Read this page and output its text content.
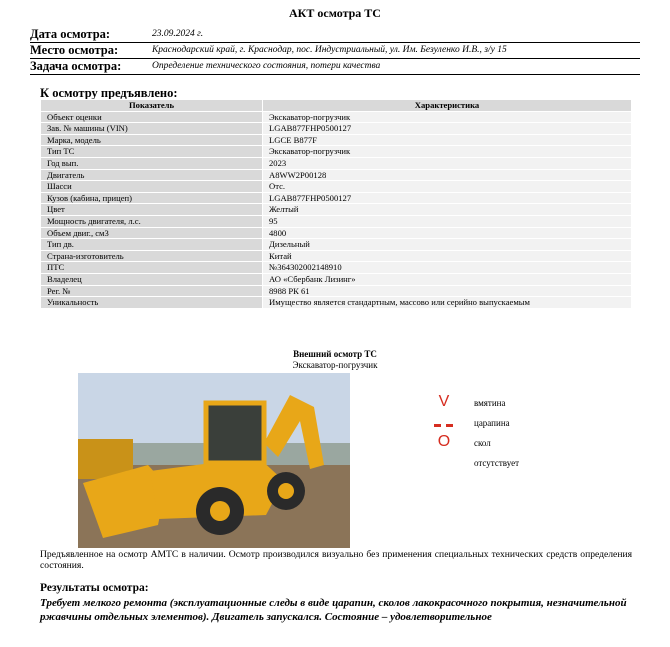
АКТ осмотра ТС
Дата осмотра:	23.09.2024 г.
Место осмотра:	Краснодарский край, г. Краснодар, пос. Индустриальный, ул. Им. Безуленко И.В., з/у 15
Задача осмотра:	Определение технического состояния, потери качества
К осмотру предъявлено:
Показатель	Характеристика
Объект оценки	Экскаватор-погрузчик
Зав. № машины (VIN)	LGAB877FHP0500127
Марка, модель	LGCE B877F
Тип ТС	Экскаватор-погрузчик
Год вып.	2023
Двигатель	A8WW2P00128
Шасси	Отс.
Кузов (кабина, прицеп)	LGAB877FHP0500127
Цвет	Желтый
Мощность двигателя, л.с.	95
Объем двиг., см3	4800
Тип дв.	Дизельный
Страна-изготовитель	Китай
ПТС	№364302002148910
Владелец	АО «Сбербанк Лизинг»
Рег. №	8988 РК 61
Уникальность	Имущество является стандартным, массово или серийно выпускаемым
Внешний осмотр ТС
Экскаватор-погрузчик
V	вмятина
царапина
O	скол
отсутствует
Предъявленное на осмотр АМТС в наличии. Осмотр производился визуально без применения специальных технических средств определения состояния.
Результаты осмотра:
Требует мелкого ремонта (эксплуатационные следы в виде царапин, сколов лакокрасочного покрытия, незначительной ржавчины отдельных элементов). Двигатель запускался. Состояние – удовлетворительное
